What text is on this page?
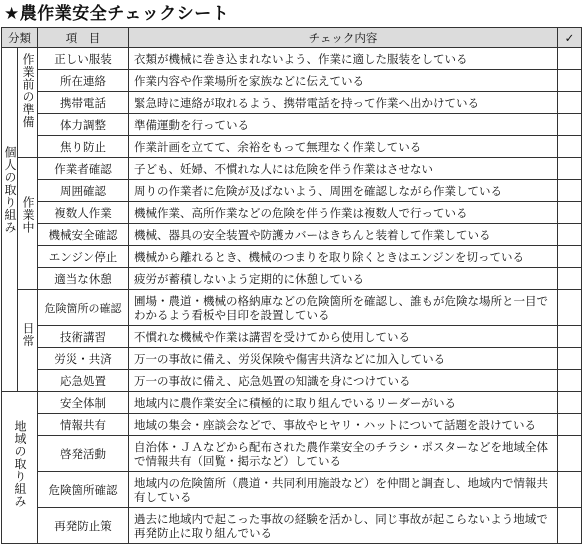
★農作業安全チェックシート
分類		項　目	チェック内容	✓
個人の取り組み	作業前の準備	正しい服装	衣類が機械に巻き込まれないよう、作業に適した服装をしている	
		所在連絡	作業内容や作業場所を家族などに伝えている	
		携帯電話	緊急時に連絡が取れるよう、携帯電話を持って作業へ出かけている	
		体力調整	準備運動を行っている	
		焦り防止	作業計画を立てて、余裕をもって無理なく作業している	
	作業中	作業者確認	子ども、妊婦、不慣れな人には危険を伴う作業はさせない	
		周囲確認	周りの作業者に危険が及ばないよう、周囲を確認しながら作業している	
		複数人作業	機械作業、高所作業などの危険を伴う作業は複数人で行っている	
		機械安全確認	機械、器具の安全装置や防護カバーはきちんと装着して作業している	
		エンジン停止	機械から離れるとき、機械のつまりを取り除くときはエンジンを切っている	
		適当な休憩	疲労が蓄積しないよう定期的に休憩している	
	日常	危険箇所の確認	圃場・農道・機械の格納庫などの危険箇所を確認し、誰もが危険な場所と一目でわかるよう看板や目印を設置している	
		技術講習	不慣れな機械や作業は講習を受けてから使用している	
		労災・共済	万一の事故に備え、労災保険や傷害共済などに加入している	
		応急処置	万一の事故に備え、応急処置の知識を身につけている	
地域の取り組み		安全体制	地域内に農作業安全に積極的に取り組んでいるリーダーがいる	
		情報共有	地域の集会・座談会などで、事故やヒヤリ・ハットについて話題を設けている	
		啓発活動	自治体・ＪＡなどから配布された農作業安全のチラシ・ポスターなどを地域全体で情報共有（回覧・掲示など）している	
		危険箇所確認	地域内の危険箇所（農道・共同利用施設など）を仲間と調査し、地域内で情報共有している	
		再発防止策	過去に地域内で起こった事故の経験を活かし、同じ事故が起こらないよう地域で再発防止に取り組んでいる	
